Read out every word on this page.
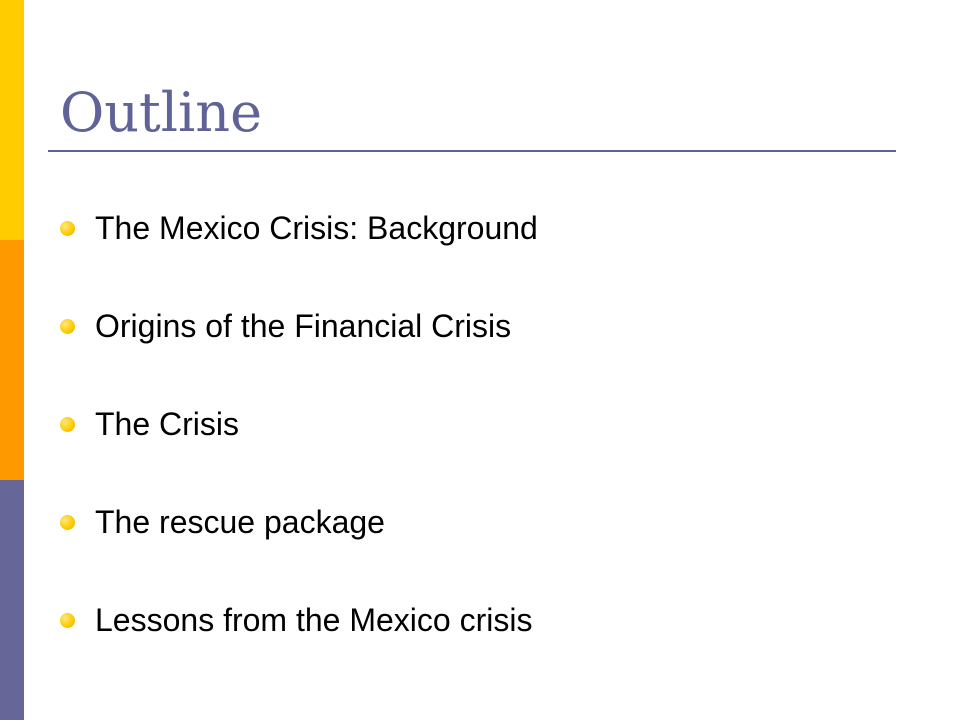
Outline
The Mexico Crisis: Background
Origins of the Financial Crisis
The Crisis
The rescue package
Lessons from the Mexico crisis
